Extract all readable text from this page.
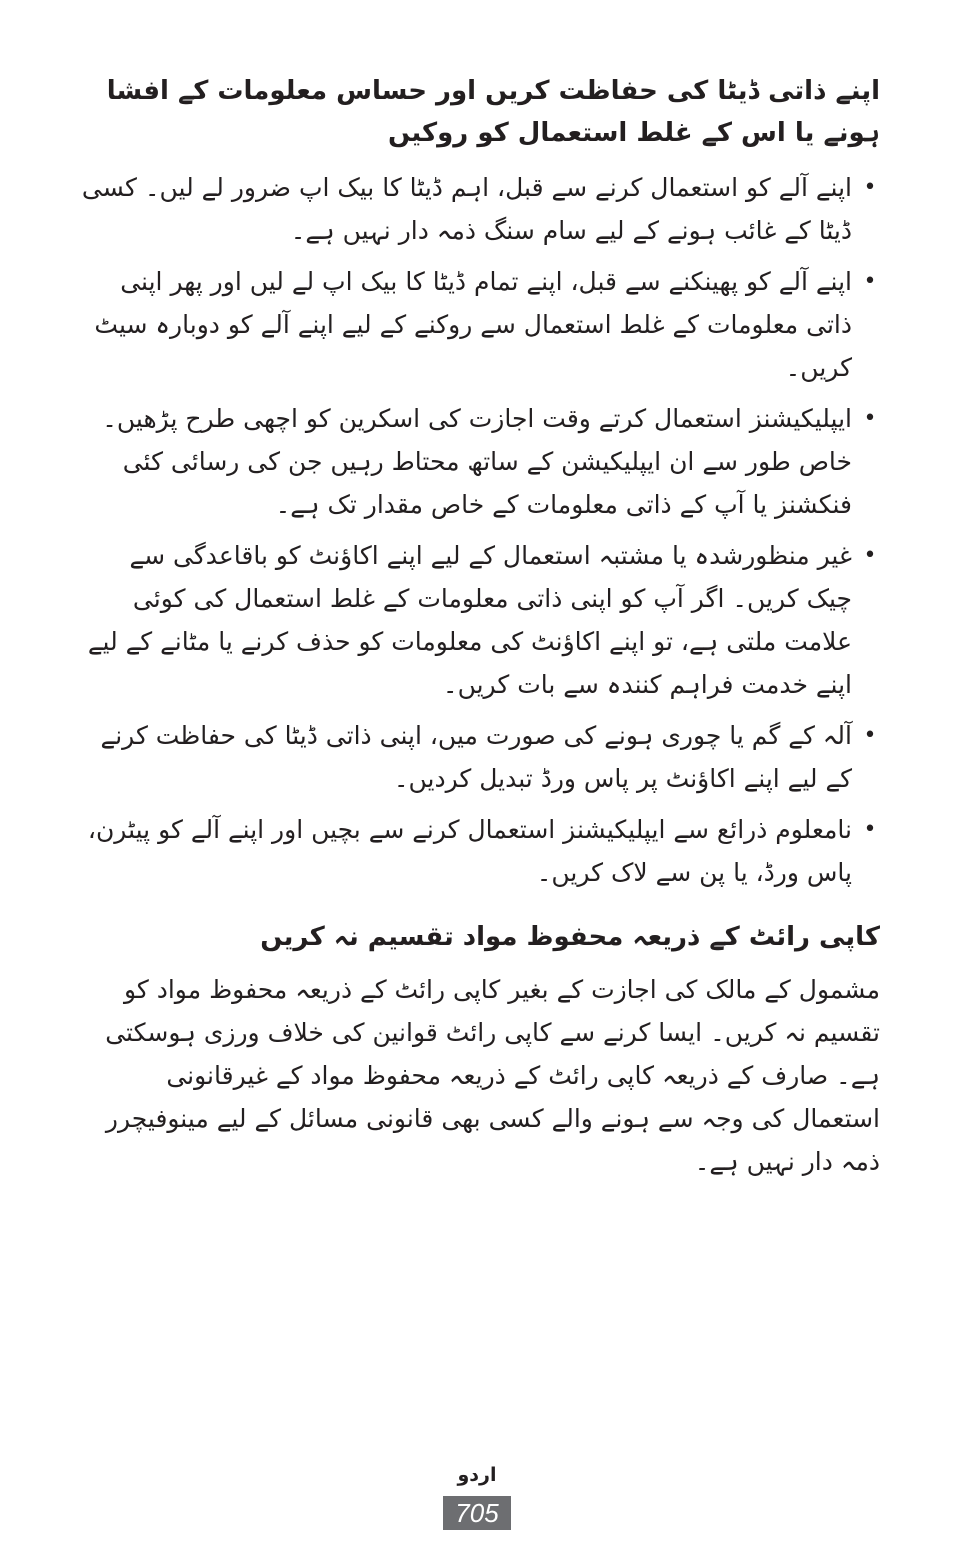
اپنے ذاتی ڈیٹا کی حفاظت کریں اور حساس معلومات کے افشا ہونے یا اس کے غلط استعمال کو روکیں
•
اپنے آلے کو استعمال کرنے سے قبل، اہم ڈیٹا کا بیک اپ ضرور لے لیں۔ کسی ڈیٹا کے غائب ہونے کے لیے سام سنگ ذمہ دار نہیں ہے۔
•
اپنے آلے کو پھینکنے سے قبل، اپنے تمام ڈیٹا کا بیک اپ لے لیں اور پھر اپنی ذاتی معلومات کے غلط استعمال سے روکنے کے لیے اپنے آلے کو دوبارہ سیٹ کریں۔
•
ایپلیکیشنز استعمال کرتے وقت اجازت کی اسکرین کو اچھی طرح پڑھیں۔ خاص طور سے ان ایپلیکیشن کے ساتھ محتاط رہیں جن کی رسائی کئی فنکشنز یا آپ کے ذاتی معلومات کے خاص مقدار تک ہے۔
•
غیر منظورشدہ یا مشتبہ استعمال کے لیے اپنے اکاؤنٹ کو باقاعدگی سے چیک کریں۔ اگر آپ کو اپنی ذاتی معلومات کے غلط استعمال کی کوئی علامت ملتی ہے، تو اپنے اکاؤنٹ کی معلومات کو حذف کرنے یا مٹانے کے لیے اپنے خدمت فراہم کنندہ سے بات کریں۔
•
آلہ کے گم یا چوری ہونے کی صورت میں، اپنی ذاتی ڈیٹا کی حفاظت کرنے کے لیے اپنے اکاؤنٹ پر پاس ورڈ تبدیل کردیں۔
•
نامعلوم ذرائع سے ایپلیکیشنز استعمال کرنے سے بچیں اور اپنے آلے کو پیٹرن، پاس ورڈ، یا پن سے لاک کریں۔
کاپی رائٹ کے ذریعہ محفوظ مواد تقسیم نہ کریں

مشمول کے مالک کی اجازت کے بغیر کاپی رائٹ کے ذریعہ محفوظ مواد کو تقسیم نہ کریں۔ ایسا کرنے سے کاپی رائٹ قوانین کی خلاف ورزی ہوسکتی ہے۔ صارف کے ذریعہ کاپی رائٹ کے ذریعہ محفوظ مواد کے غیرقانونی استعمال کی وجہ سے ہونے والے کسی بھی قانونی مسائل کے لیے مینوفیچرر ذمہ دار نہیں ہے۔

اردو
705
